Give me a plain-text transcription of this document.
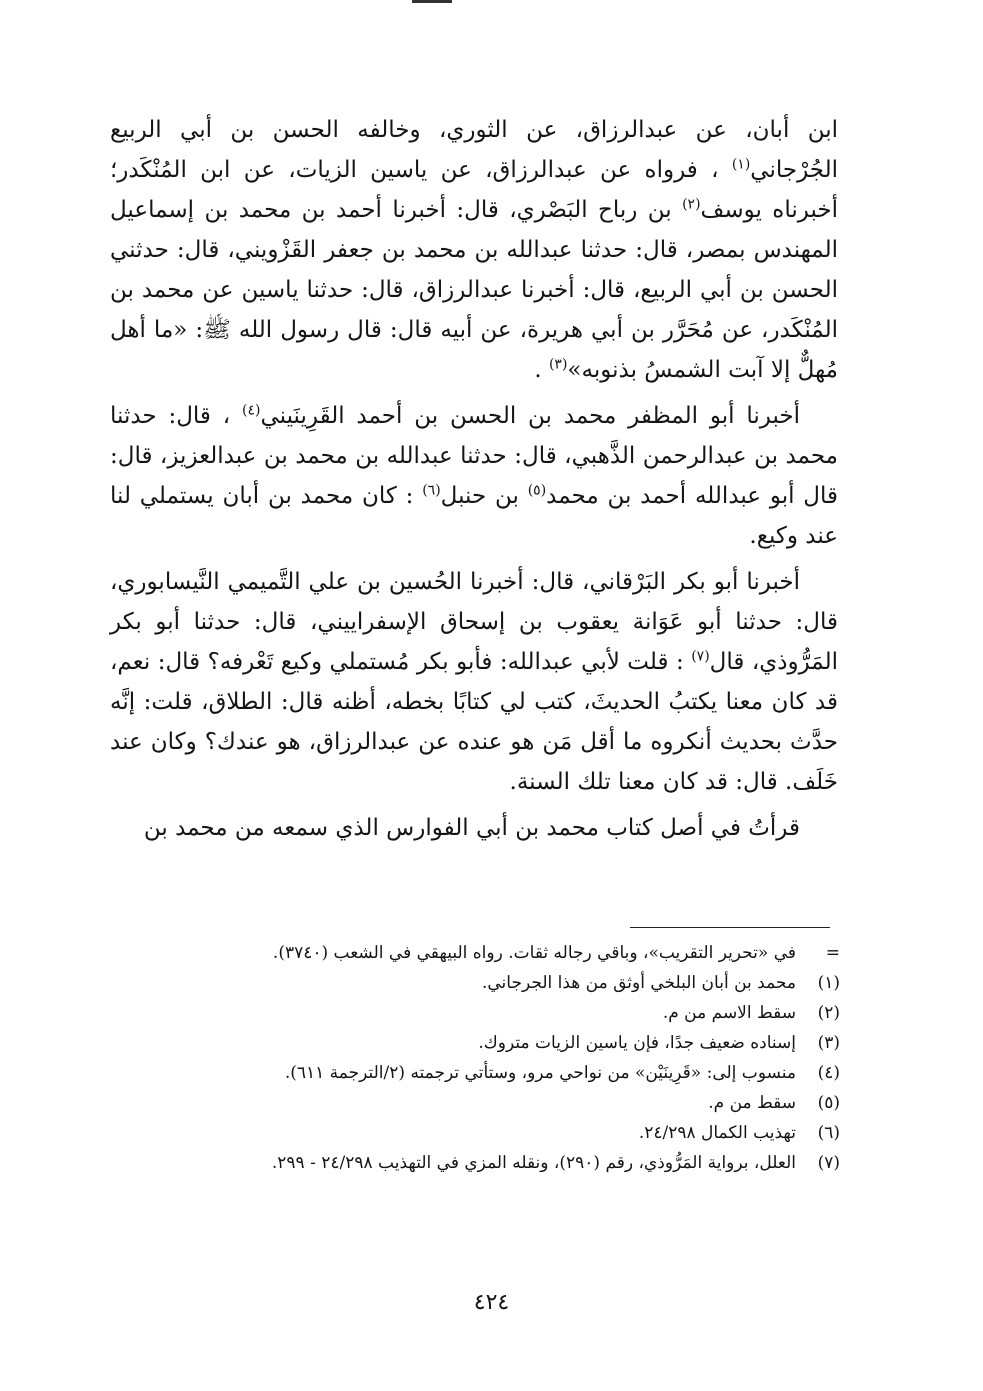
ابن أبان، عن عبدالرزاق، عن الثوري، وخالفه الحسن بن أبي الربيع الجُرْجاني$^{(١)}$ ، فرواه عن عبدالرزاق، عن ياسين الزيات، عن ابن المُنْكَدر؛ أخبرناه يوسف$^{(٢)}$ بن رباح البَصْري، قال: أخبرنا أحمد بن محمد بن إسماعيل المهندس بمصر، قال: حدثنا عبدالله بن محمد بن جعفر القَزْويني، قال: حدثني الحسن بن أبي الربيع، قال: أخبرنا عبدالرزاق، قال: حدثنا ياسين عن محمد بن المُنْكَدر، عن مُحَرَّر بن أبي هريرة، عن أبيه قال: قال رسول الله ﷺ: «ما أهل مُهلٌّ إلا آبت الشمسُ بذنوبه»$^{(٣)}$ .

أخبرنا أبو المظفر محمد بن الحسن بن أحمد القَرِينَيني$^{(٤)}$ ، قال: حدثنا محمد بن عبدالرحمن الذَّهبي، قال: حدثنا عبدالله بن محمد بن عبدالعزيز، قال: قال أبو عبدالله أحمد بن محمد$^{(٥)}$ بن حنبل$^{(٦)}$ : كان محمد بن أبان يستملي لنا عند وكيع.

أخبرنا أبو بكر البَرْقاني، قال: أخبرنا الحُسين بن علي التَّميمي النَّيسابوري، قال: حدثنا أبو عَوَانة يعقوب بن إسحاق الإسفراييني، قال: حدثنا أبو بكر المَرُّوذي، قال$^{(٧)}$ : قلت لأبي عبدالله: فأبو بكر مُستملي وكيع تَعْرفه؟ قال: نعم، قد كان معنا يكتبُ الحديثَ، كتب لي كتابًا بخطه، أظنه قال: الطلاق، قلت: إنَّه حدَّث بحديث أنكروه ما أقل مَن هو عنده عن عبدالرزاق، هو عندك؟ وكان عند خَلَف. قال: قد كان معنا تلك السنة.

قرأتُ في أصل كتاب محمد بن أبي الفوارس الذي سمعه من محمد بن

=
في «تحرير التقريب»، وباقي رجاله ثقات. رواه البيهقي في الشعب (٣٧٤٠).
(١)
محمد بن أبان البلخي أوثق من هذا الجرجاني.
(٢)
سقط الاسم من م.
(٣)
إسناده ضعيف جدًا، فإن ياسين الزيات متروك.
(٤)
منسوب إلى: «قَرِينَيْن» من نواحي مرو، وستأتي ترجمته (٢/الترجمة ٦١١).
(٥)
سقط من م.
(٦)
تهذيب الكمال ٢٤/٢٩٨.
(٧)
العلل، برواية المَرُّوذي، رقم (٢٩٠)، ونقله المزي في التهذيب ٢٤/٢٩٨ - ٢٩٩.
٤٢٤
